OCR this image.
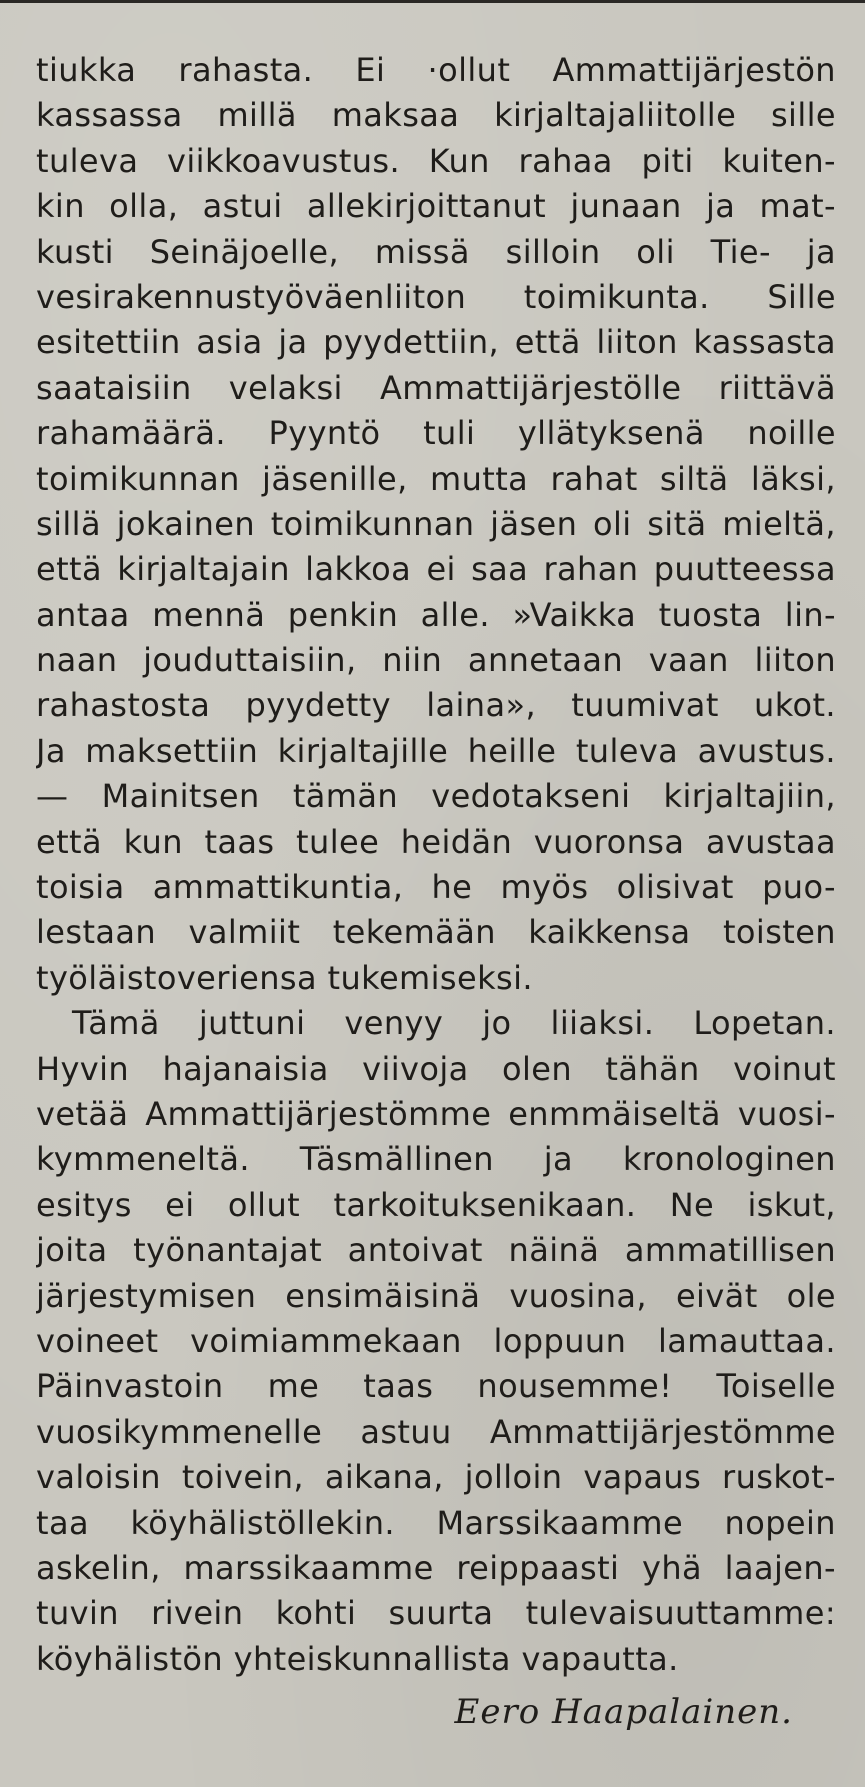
tiukka rahasta. Ei ·ollut Ammattijärjestön
kassassa millä maksaa kirjaltajaliitolle sille
tuleva viikkoavustus. Kun rahaa piti kuiten-
kin olla, astui allekirjoittanut junaan ja mat-
kusti Seinäjoelle, missä silloin oli Tie- ja
vesirakennustyöväenliiton toimikunta. Sille
esitettiin asia ja pyydettiin, että liiton kassasta
saataisiin velaksi Ammattijärjestölle riittävä
rahamäärä. Pyyntö tuli yllätyksenä noille
toimikunnan jäsenille, mutta rahat siltä läksi,
sillä jokainen toimikunnan jäsen oli sitä mieltä,
että kirjaltajain lakkoa ei saa rahan puutteessa
antaa mennä penkin alle. »Vaikka tuosta lin-
naan jouduttaisiin, niin annetaan vaan liiton
rahastosta pyydetty laina», tuumivat ukot.
Ja maksettiin kirjaltajille heille tuleva avustus.
— Mainitsen tämän vedotakseni kirjaltajiin,
että kun taas tulee heidän vuoronsa avustaa
toisia ammattikuntia, he myös olisivat puo-
lestaan valmiit tekemään kaikkensa toisten
työläistoveriensa tukemiseksi.
Tämä juttuni venyy jo liiaksi. Lopetan.
Hyvin hajanaisia viivoja olen tähän voinut
vetää Ammattijärjestömme enmmäiseltä vuosi-
kymmeneltä. Täsmällinen ja kronologinen
esitys ei ollut tarkoituksenikaan. Ne iskut,
joita työnantajat antoivat näinä ammatillisen
järjestymisen ensimäisinä vuosina, eivät ole
voineet voimiammekaan loppuun lamauttaa.
Päinvastoin me taas nousemme! Toiselle
vuosikymmenelle astuu Ammattijärjestömme
valoisin toivein, aikana, jolloin vapaus ruskot-
taa köyhälistöllekin. Marssikaamme nopein
askelin, marssikaamme reippaasti yhä laajen-
tuvin rivein kohti suurta tulevaisuuttamme:
köyhälistön yhteiskunnallista vapautta.
Eero Haapalainen.
